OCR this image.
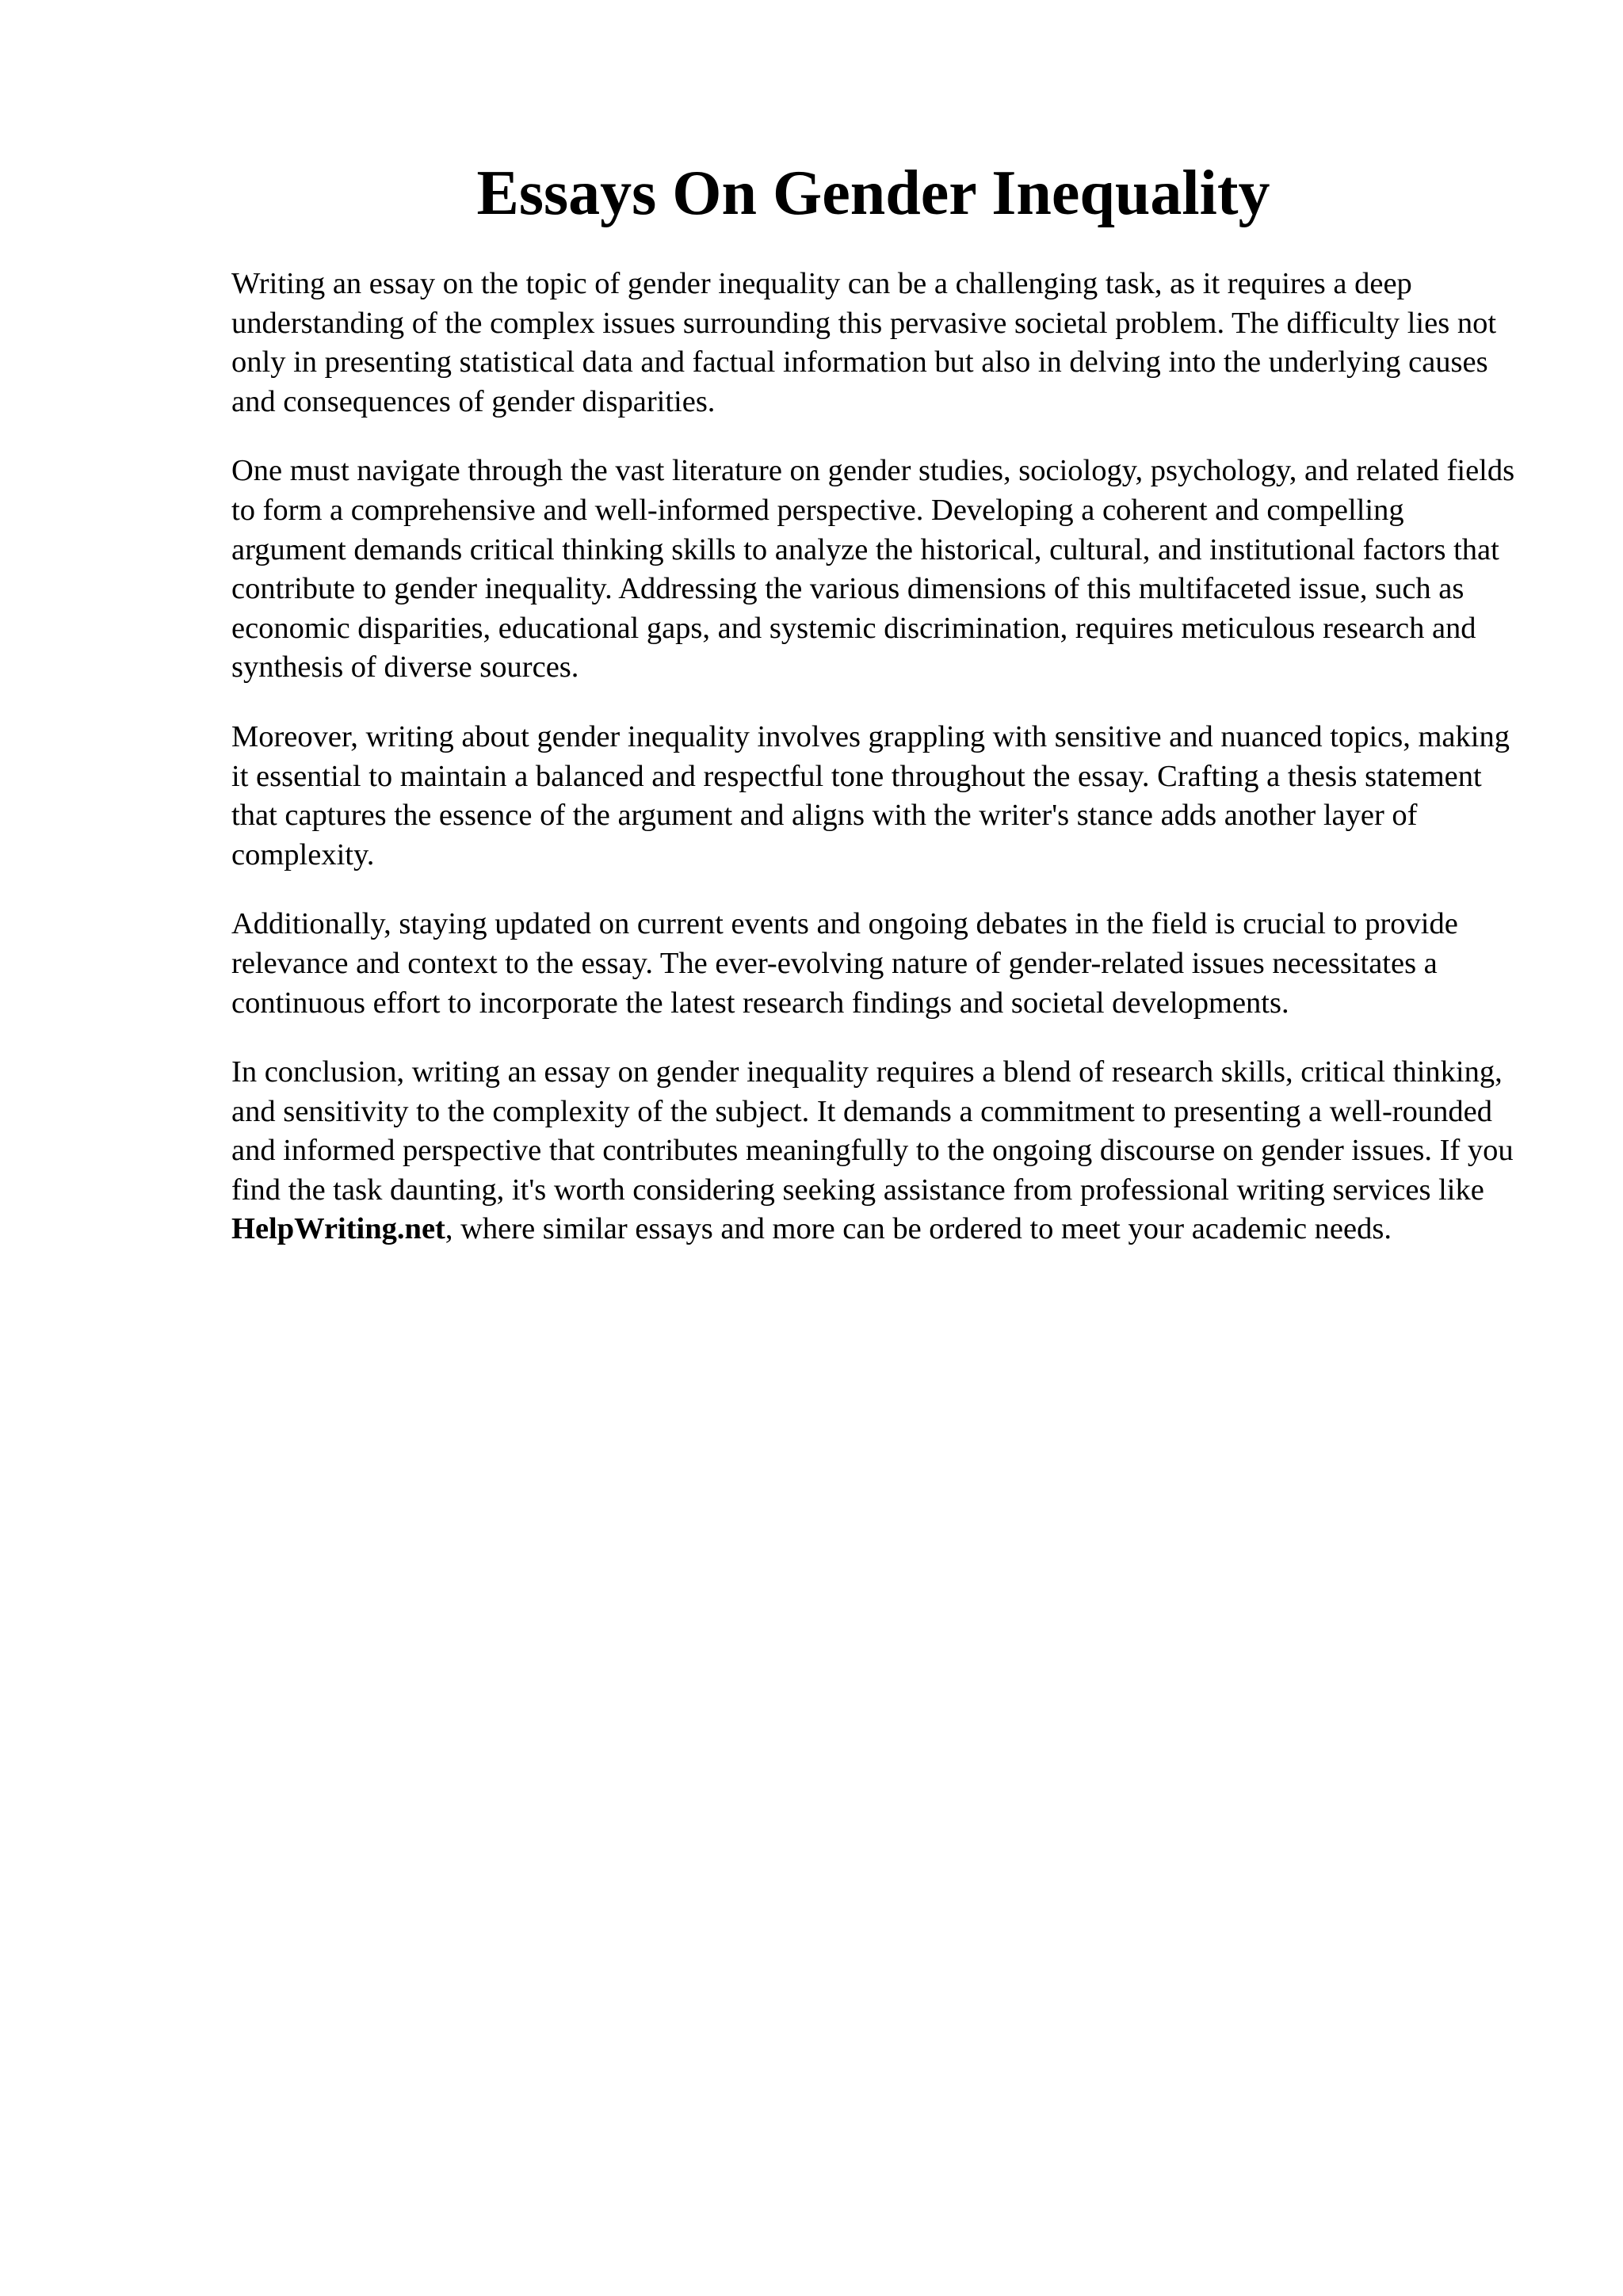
Essays On Gender Inequality

Writing an essay on the topic of gender inequality can be a challenging task, as it requires a deep understanding of the complex issues surrounding this pervasive societal problem. The difficulty lies not only in presenting statistical data and factual information but also in delving into the underlying causes and consequences of gender disparities.

One must navigate through the vast literature on gender studies, sociology, psychology, and related fields to form a comprehensive and well-informed perspective. Developing a coherent and compelling argument demands critical thinking skills to analyze the historical, cultural, and institutional factors that contribute to gender inequality. Addressing the various dimensions of this multifaceted issue, such as economic disparities, educational gaps, and systemic discrimination, requires meticulous research and synthesis of diverse sources.

Moreover, writing about gender inequality involves grappling with sensitive and nuanced topics, making it essential to maintain a balanced and respectful tone throughout the essay. Crafting a thesis statement that captures the essence of the argument and aligns with the writer's stance adds another layer of complexity.

Additionally, staying updated on current events and ongoing debates in the field is crucial to provide relevance and context to the essay. The ever-evolving nature of gender-related issues necessitates a continuous effort to incorporate the latest research findings and societal developments.

In conclusion, writing an essay on gender inequality requires a blend of research skills, critical thinking, and sensitivity to the complexity of the subject. It demands a commitment to presenting a well-rounded and informed perspective that contributes meaningfully to the ongoing discourse on gender issues. If you find the task daunting, it's worth considering seeking assistance from professional writing services like HelpWriting.net, where similar essays and more can be ordered to meet your academic needs.
